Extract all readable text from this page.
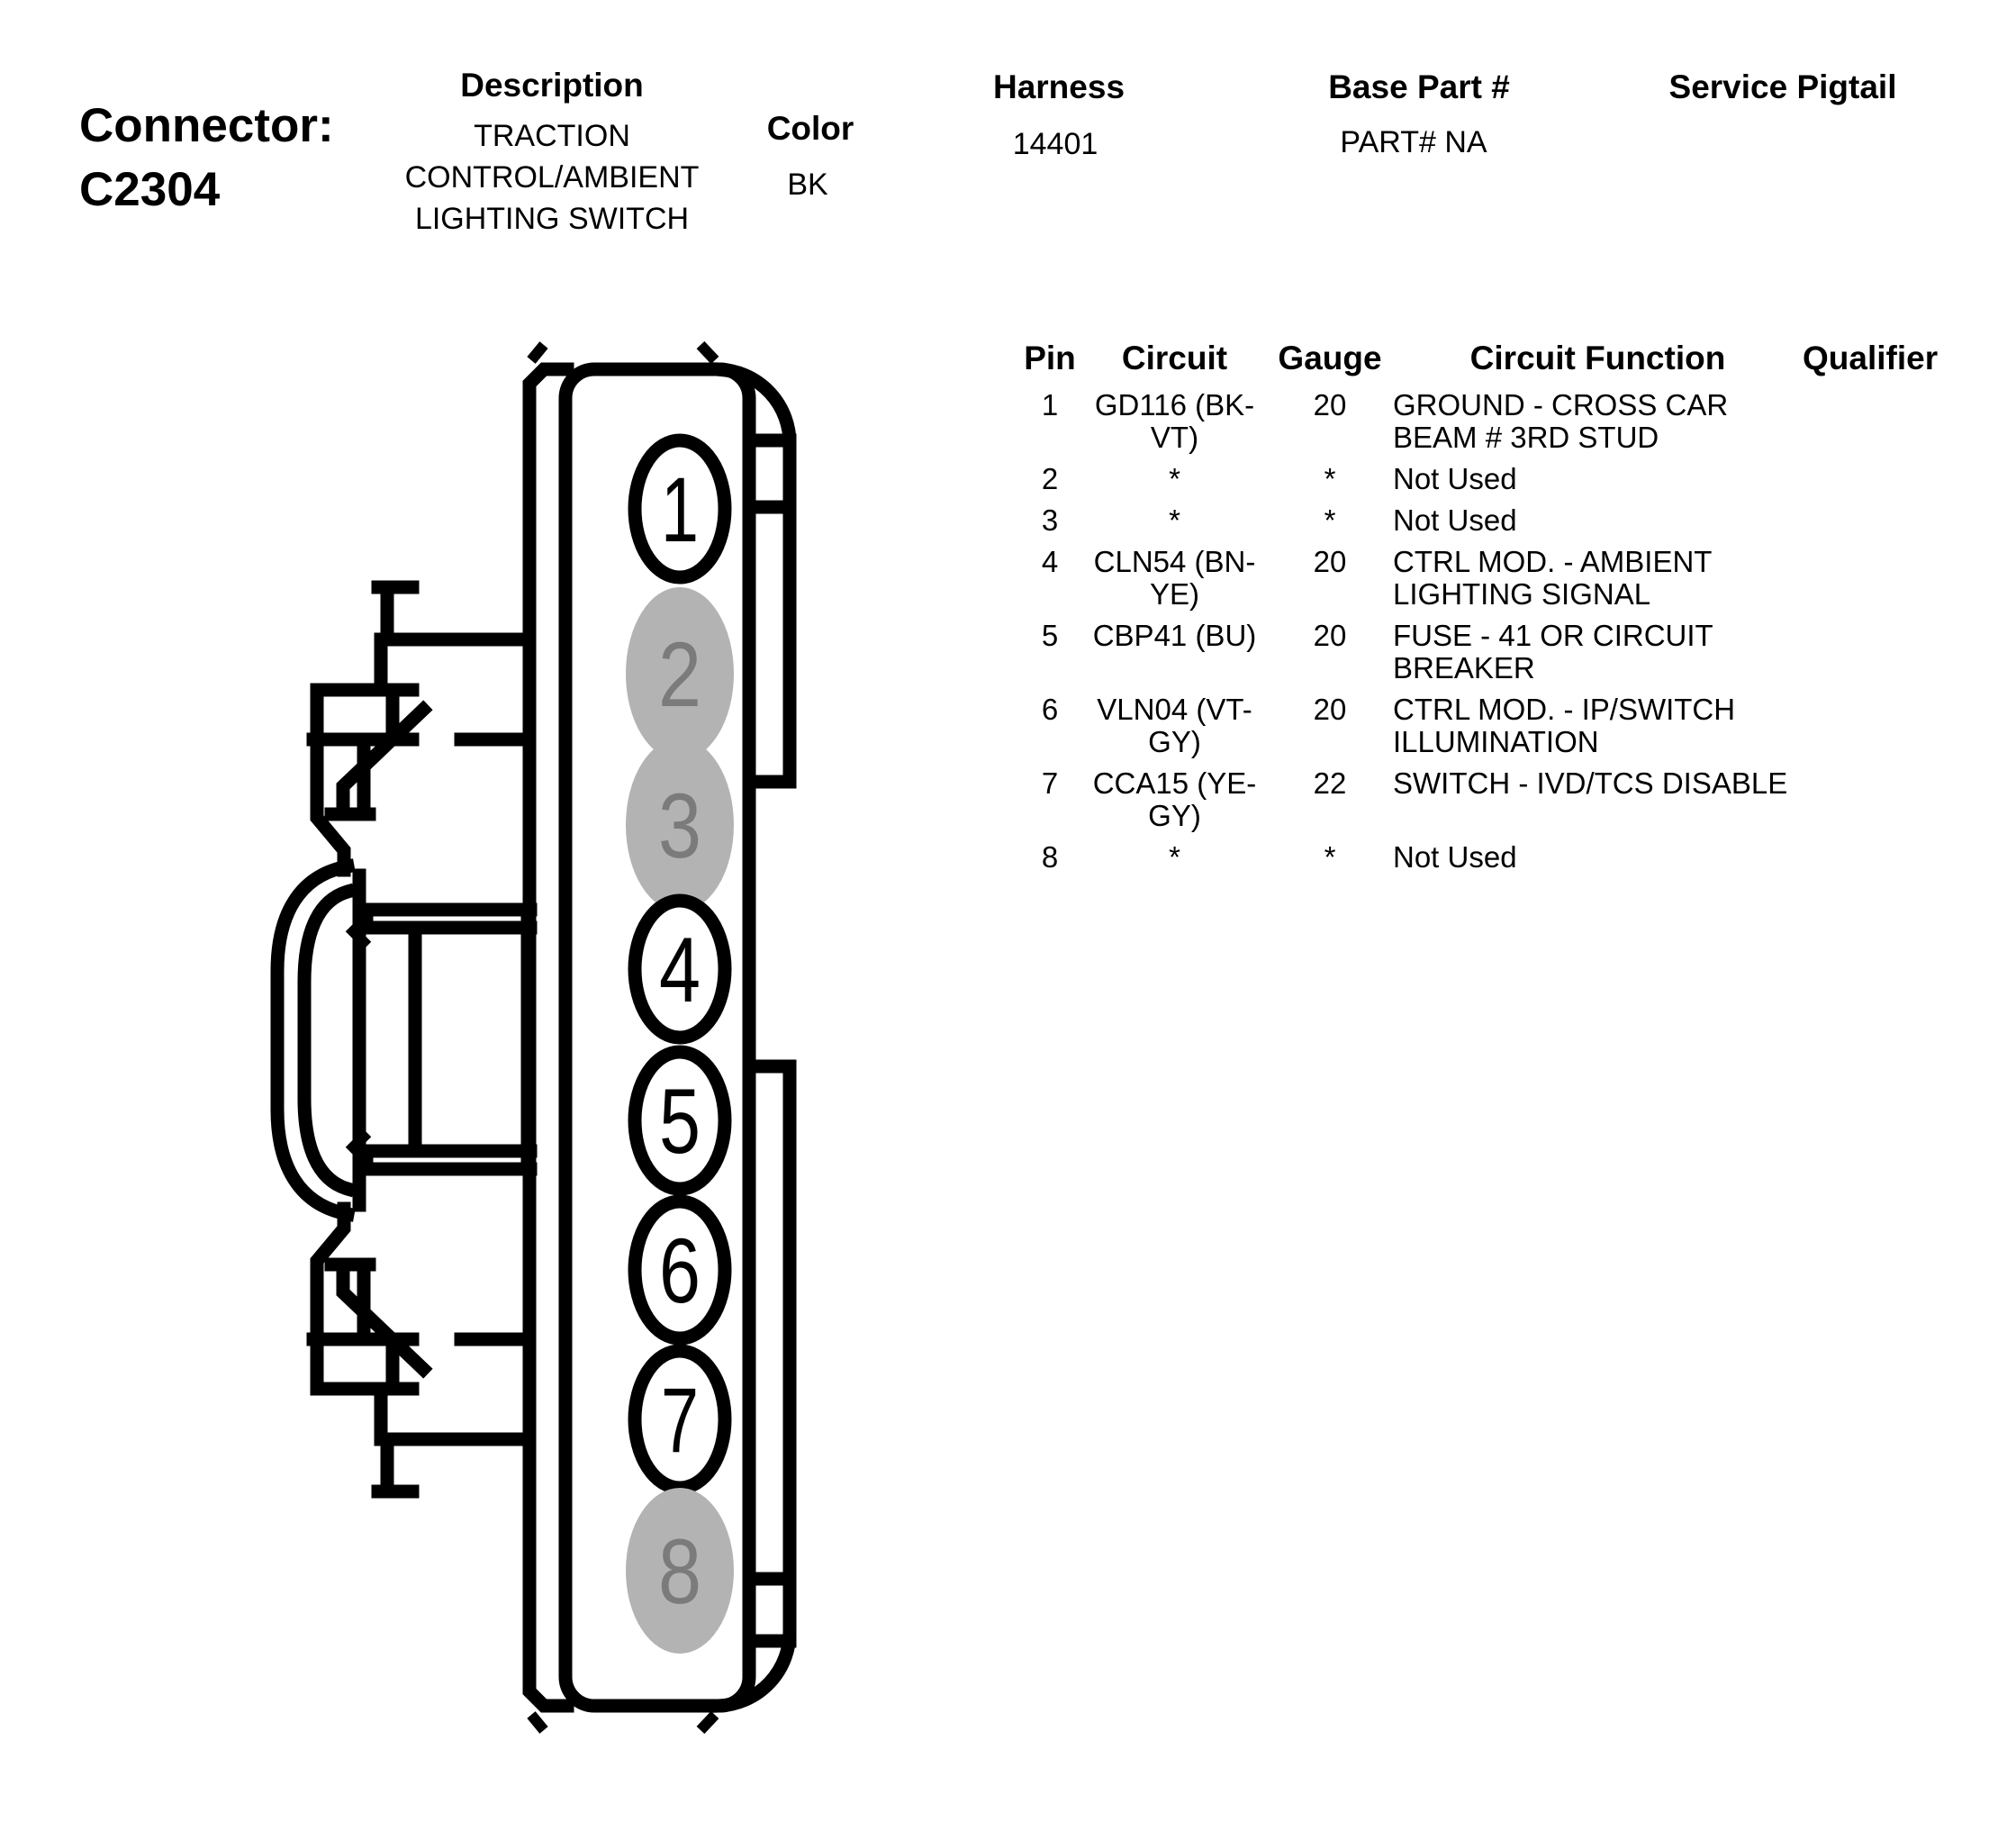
Connector:
C2304
Description
TRACTION CONTROL/AMBIENT LIGHTING SWITCH
Color
BK
Harness
14401
Base Part #
PART# NA
Service Pigtail
1
2
3
4
5
6
7
8
Pin	Circuit	Gauge	Circuit Function	Qualifier
1	GD116 (BK-VT)	20	GROUND - CROSS CAR BEAM # 3RD STUD	
2	*	*	Not Used	
3	*	*	Not Used	
4	CLN54 (BN-YE)	20	CTRL MOD. - AMBIENT LIGHTING SIGNAL	
5	CBP41 (BU)	20	FUSE - 41 OR CIRCUIT BREAKER	
6	VLN04 (VT-GY)	20	CTRL MOD. - IP/SWITCH ILLUMINATION	
7	CCA15 (YE-GY)	22	SWITCH - IVD/TCS DISABLE	
8	*	*	Not Used	
